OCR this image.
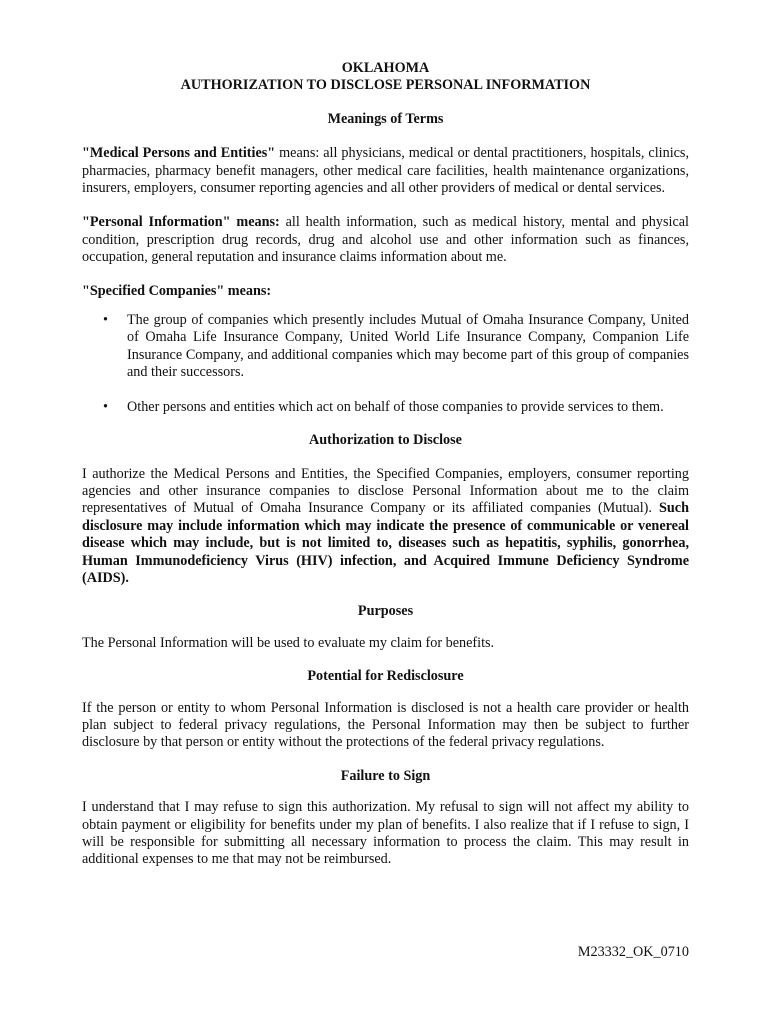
OKLAHOMA
AUTHORIZATION TO DISCLOSE PERSONAL INFORMATION
Meanings of Terms

"Medical Persons and Entities" means: all physicians, medical or dental practitioners, hospitals, clinics, pharmacies, pharmacy benefit managers, other medical care facilities, health maintenance organizations, insurers, employers, consumer reporting agencies and all other providers of medical or dental services.

"Personal Information" means: all health information, such as medical history, mental and physical condition, prescription drug records, drug and alcohol use and other information such as finances, occupation, general reputation and insurance claims information about me.

"Specified Companies" means:

• The group of companies which presently includes Mutual of Omaha Insurance Company, United of Omaha Life Insurance Company, United World Life Insurance Company, Companion Life Insurance Company, and additional companies which may become part of this group of companies and their successors.
• Other persons and entities which act on behalf of those companies to provide services to them.
Authorization to Disclose

I authorize the Medical Persons and Entities, the Specified Companies, employers, consumer reporting agencies and other insurance companies to disclose Personal Information about me to the claim representatives of Mutual of Omaha Insurance Company or its affiliated companies (Mutual). Such disclosure may include information which may indicate the presence of communicable or venereal disease which may include, but is not limited to, diseases such as hepatitis, syphilis, gonorrhea, Human Immunodeficiency Virus (HIV) infection, and Acquired Immune Deficiency Syndrome (AIDS).

Purposes

The Personal Information will be used to evaluate my claim for benefits.

Potential for Redisclosure

If the person or entity to whom Personal Information is disclosed is not a health care provider or health plan subject to federal privacy regulations, the Personal Information may then be subject to further disclosure by that person or entity without the protections of the federal privacy regulations.

Failure to Sign

I understand that I may refuse to sign this authorization. My refusal to sign will not affect my ability to obtain payment or eligibility for benefits under my plan of benefits. I also realize that if I refuse to sign, I will be responsible for submitting all necessary information to process the claim. This may result in additional expenses to me that may not be reimbursed.

M23332_OK_0710
